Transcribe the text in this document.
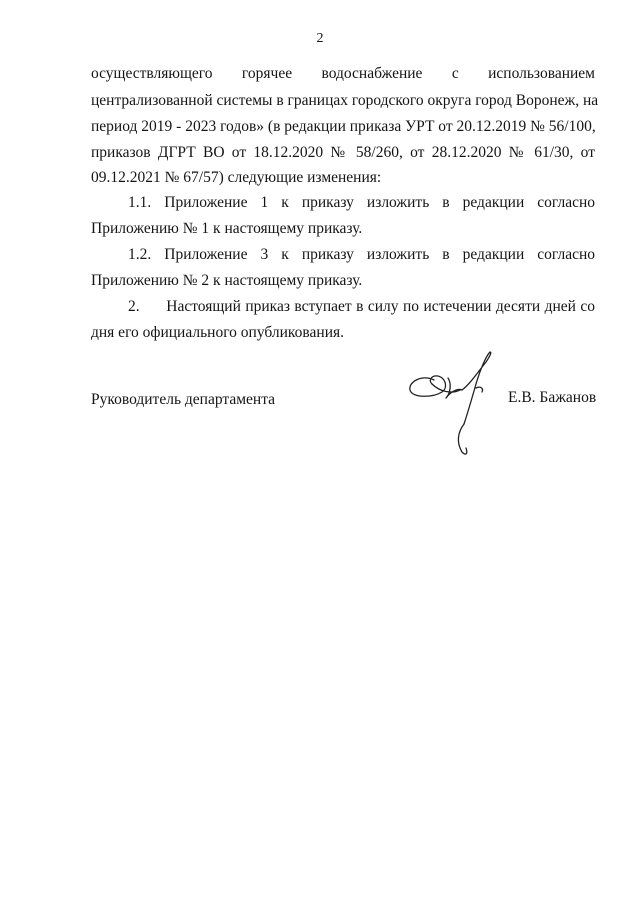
2
осуществляющего горячее водоснабжение с использованием
централизованной системы в границах городского округа город Воронеж, на
период 2019 - 2023 годов» (в редакции приказа УРТ от 20.12.2019 № 56/100,
приказов ДГРТ ВО от 18.12.2020 № 58/260, от 28.12.2020 № 61/30, от
09.12.2021 № 67/57) следующие изменения:
1.1. Приложение 1 к приказу изложить в редакции согласно
Приложению № 1 к настоящему приказу.
1.2. Приложение 3 к приказу изложить в редакции согласно
Приложению № 2 к настоящему приказу.
2.      Настоящий приказ вступает в силу по истечении десяти дней со
дня его официального опубликования.
Руководитель департамента	Е.В. Бажанов
